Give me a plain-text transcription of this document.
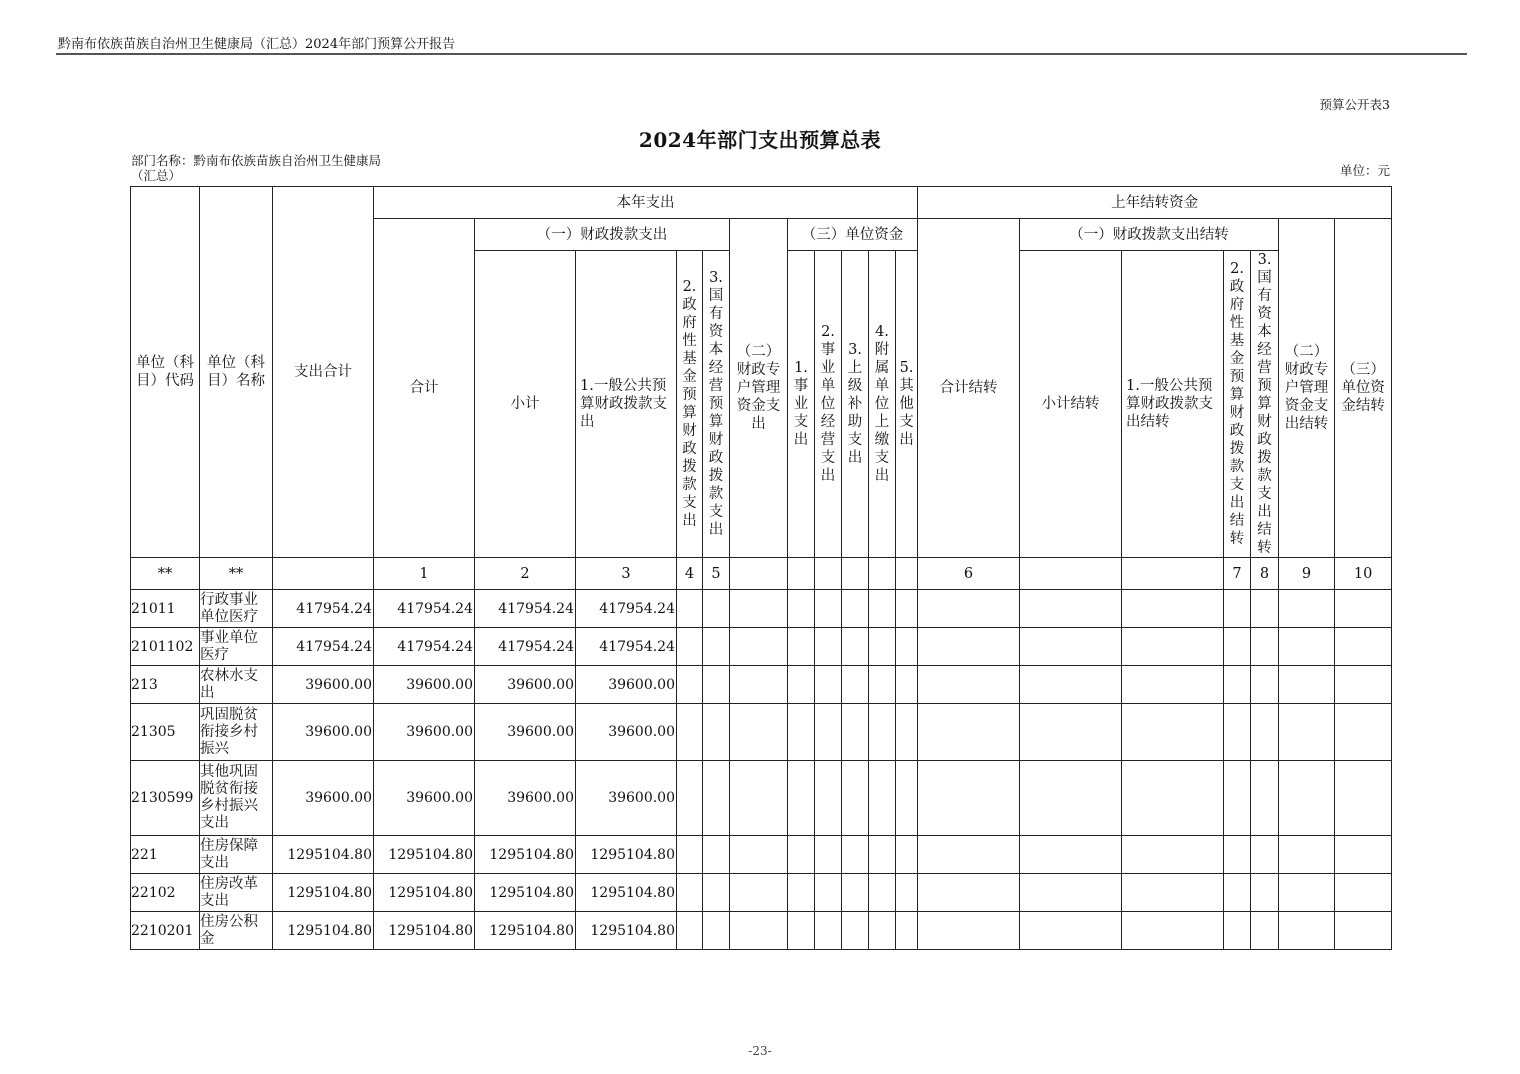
黔南布依族苗族自治州卫生健康局（汇总）2024年部门预算公开报告
预算公开表3
2024年部门支出预算总表
部门名称：黔南布依族苗族自治州卫生健康局（汇总）	单位：元
单位（科目）代码	单位（科目）名称	支出合计	本年支出											上年结转资金						
			合计	（一）财政拨款支出				（二）财政专户管理资金支出	（三）单位资金					合计结转	（一）财政拨款支出结转				（二）财政专户管理资金支出结转	（三）单位资金结转
				小计	1.一般公共预算财政拨款支出	2.政府性基金预算财政拨款支出	3.国有资本经营预算财政拨款支出		1.事业支出	2.事业单位经营支出	3.上级补助支出	4.附属单位上缴支出	5.其他支出		小计结转	1.一般公共预算财政拨款支出结转	2.政府性基金预算财政拨款支出结转	3.国有资本经营预算财政拨款支出结转		
**	**		1	2	3	4	5							6			7	8	9	10
21011	行政事业单位医疗	417954.24	417954.24	417954.24	417954.24															
2101102	事业单位医疗	417954.24	417954.24	417954.24	417954.24															
213	农林水支出	39600.00	39600.00	39600.00	39600.00															
21305	巩固脱贫衔接乡村振兴	39600.00	39600.00	39600.00	39600.00															
2130599	其他巩固脱贫衔接乡村振兴支出	39600.00	39600.00	39600.00	39600.00															
221	住房保障支出	1295104.80	1295104.80	1295104.80	1295104.80															
22102	住房改革支出	1295104.80	1295104.80	1295104.80	1295104.80															
2210201	住房公积金	1295104.80	1295104.80	1295104.80	1295104.80															
-23-
